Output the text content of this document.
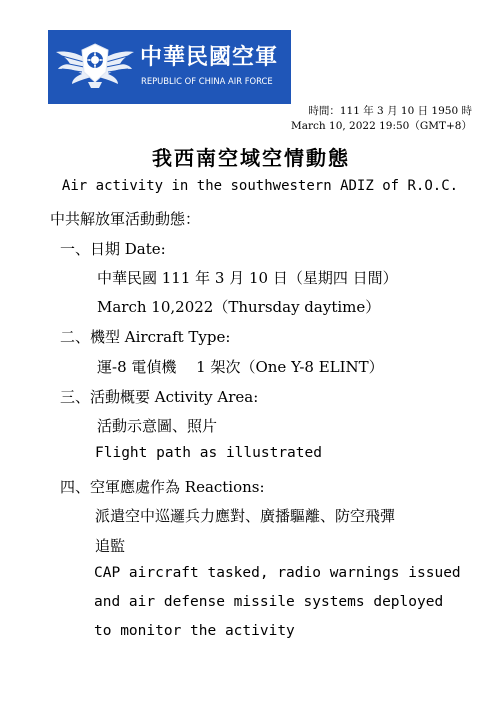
中華民國空軍
REPUBLIC OF CHINA AIR FORCE
時間：111 年 3 月 10 日 1950 時
March 10, 2022 19:50（GMT+8）
我西南空域空情動態
Air activity in the southwestern ADIZ of R.O.C.
中共解放軍活動動態：
一、日期 Date:
中華民國 111 年 3 月 10 日（星期四 日間）
March 10,2022（Thursday daytime）
二、機型 Aircraft Type:
運-8 電偵機　 1 架次（One Y-8 ELINT）
三、活動概要 Activity Area:
活動示意圖、照片
Flight path as illustrated
四、空軍應處作為 Reactions:
派遣空中巡邏兵力應對、廣播驅離、防空飛彈
追監
CAP aircraft tasked, radio warnings issued
and air defense missile systems deployed
to monitor the activity
